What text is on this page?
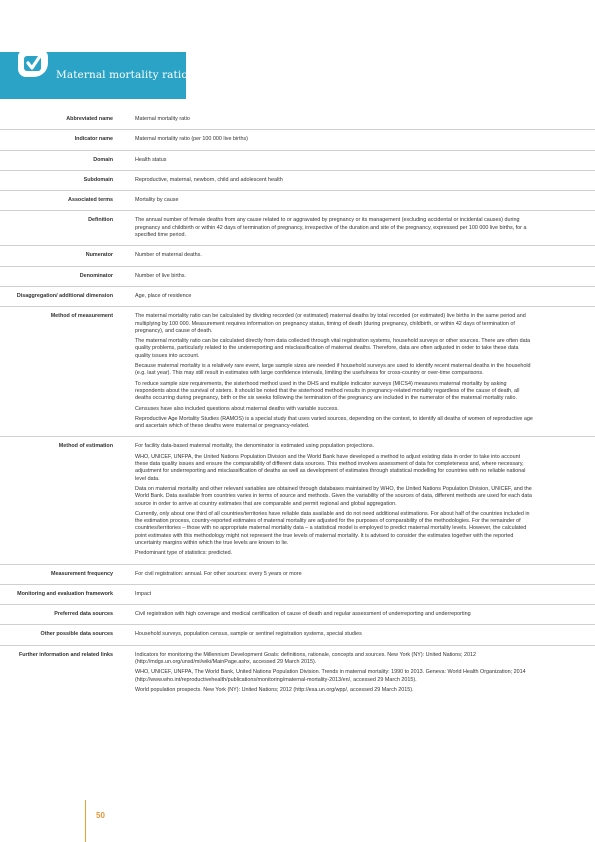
Maternal mortality ratio
Abbreviated name	Maternal mortality ratio

Indicator name	Maternal mortality ratio (per 100 000 live births)

Domain	Health status

Subdomain	Reproductive, maternal, newborn, child and adolescent health

Associated terms	Mortality by cause

Definition	The annual number of female deaths from any cause related to or aggravated by pregnancy or its management (excluding accidental or incidental causes) during pregnancy and childbirth or within 42 days of termination of pregnancy, irrespective of the duration and site of the pregnancy, expressed per 100 000 live births, for a specified time period.

Numerator	Number of maternal deaths.

Denominator	Number of live births.

Disaggregation/ additional dimension	Age, place of residence

Method of measurement	The maternal mortality ratio can be calculated by dividing recorded (or estimated) maternal deaths by total recorded (or estimated) live births in the same period and multiplying by 100 000. Measurement requires information on pregnancy status, timing of death (during pregnancy, childbirth, or within 42 days of termination of pregnancy), and cause of death.

The maternal mortality ratio can be calculated directly from data collected through vital registration systems, household surveys or other sources. There are often data quality problems, particularly related to the underreporting and misclassification of maternal deaths. Therefore, data are often adjusted in order to take these data quality issues into account.

Because maternal mortality is a relatively rare event, large sample sizes are needed if household surveys are used to identify recent maternal deaths in the household (e.g. last year). This may still result in estimates with large confidence intervals, limiting the usefulness for cross-country or over-time comparisons.

To reduce sample size requirements, the sisterhood method used in the DHS and multiple indicator surveys (MICS4) measures maternal mortality by asking respondents about the survival of sisters. It should be noted that the sisterhood method results in pregnancy-related mortality regardless of the cause of death, all deaths occurring during pregnancy, birth or the six weeks following the termination of the pregnancy are included in the numerator of the maternal mortality ratio.

Censuses have also included questions about maternal deaths with variable success.

Reproductive Age Mortality Studies (RAMOS) is a special study that uses varied sources, depending on the context, to identify all deaths of women of reproductive age and ascertain which of these deaths were maternal or pregnancy-related.

Method of estimation	For facility data-based maternal mortality, the denominator is estimated using population projections.

WHO, UNICEF, UNFPA, the United Nations Population Division and the World Bank have developed a method to adjust existing data in order to take into account these data quality issues and ensure the comparability of different data sources. This method involves assessment of data for completeness and, where necessary, adjustment for underreporting and misclassification of deaths as well as development of estimates through statistical modelling for countries with no reliable national level data.

Data on maternal mortality and other relevant variables are obtained through databases maintained by WHO, the United Nations Population Division, UNICEF, and the World Bank. Data available from countries varies in terms of source and methods. Given the variability of the sources of data, different methods are used for each data source in order to arrive at country estimates that are comparable and permit regional and global aggregation.

Currently, only about one third of all countries/territories have reliable data available and do not need additional estimations. For about half of the countries included in the estimation process, country-reported estimates of maternal mortality are adjusted for the purposes of comparability of the methodologies. For the remainder of countries/territories – those with no appropriate maternal mortality data – a statistical model is employed to predict maternal mortality levels. However, the calculated point estimates with this methodology might not represent the true levels of maternal mortality. It is advised to consider the estimates together with the reported uncertainty margins within which the true levels are known to lie.

Predominant type of statistics: predicted.

Measurement frequency	For civil registration: annual. For other sources: every 5 years or more

Monitoring and evaluation framework	Impact

Preferred data sources	Civil registration with high coverage and medical certification of cause of death and regular assessment of underreporting and underreporting

Other possible data sources	Household surveys, population census, sample or sentinel registration systems, special studies

Further information and related links	Indicators for monitoring the Millennium Development Goals: definitions, rationale, concepts and sources. New York (NY): United Nations; 2012 (http://mdgs.un.org/unsd/mi/wiki/MainPage.ashx, accessed 29 March 2015).

WHO, UNICEF, UNFPA, The World Bank, United Nations Population Division. Trends in maternal mortality: 1990 to 2013. Geneva: World Health Organization; 2014 (http://www.who.int/reproductivehealth/publications/monitoring/maternal-mortality-2013/en/, accessed 29 March 2015).

World population prospects. New York (NY): United Nations; 2012 (http://esa.un.org/wpp/, accessed 29 March 2015).

50
